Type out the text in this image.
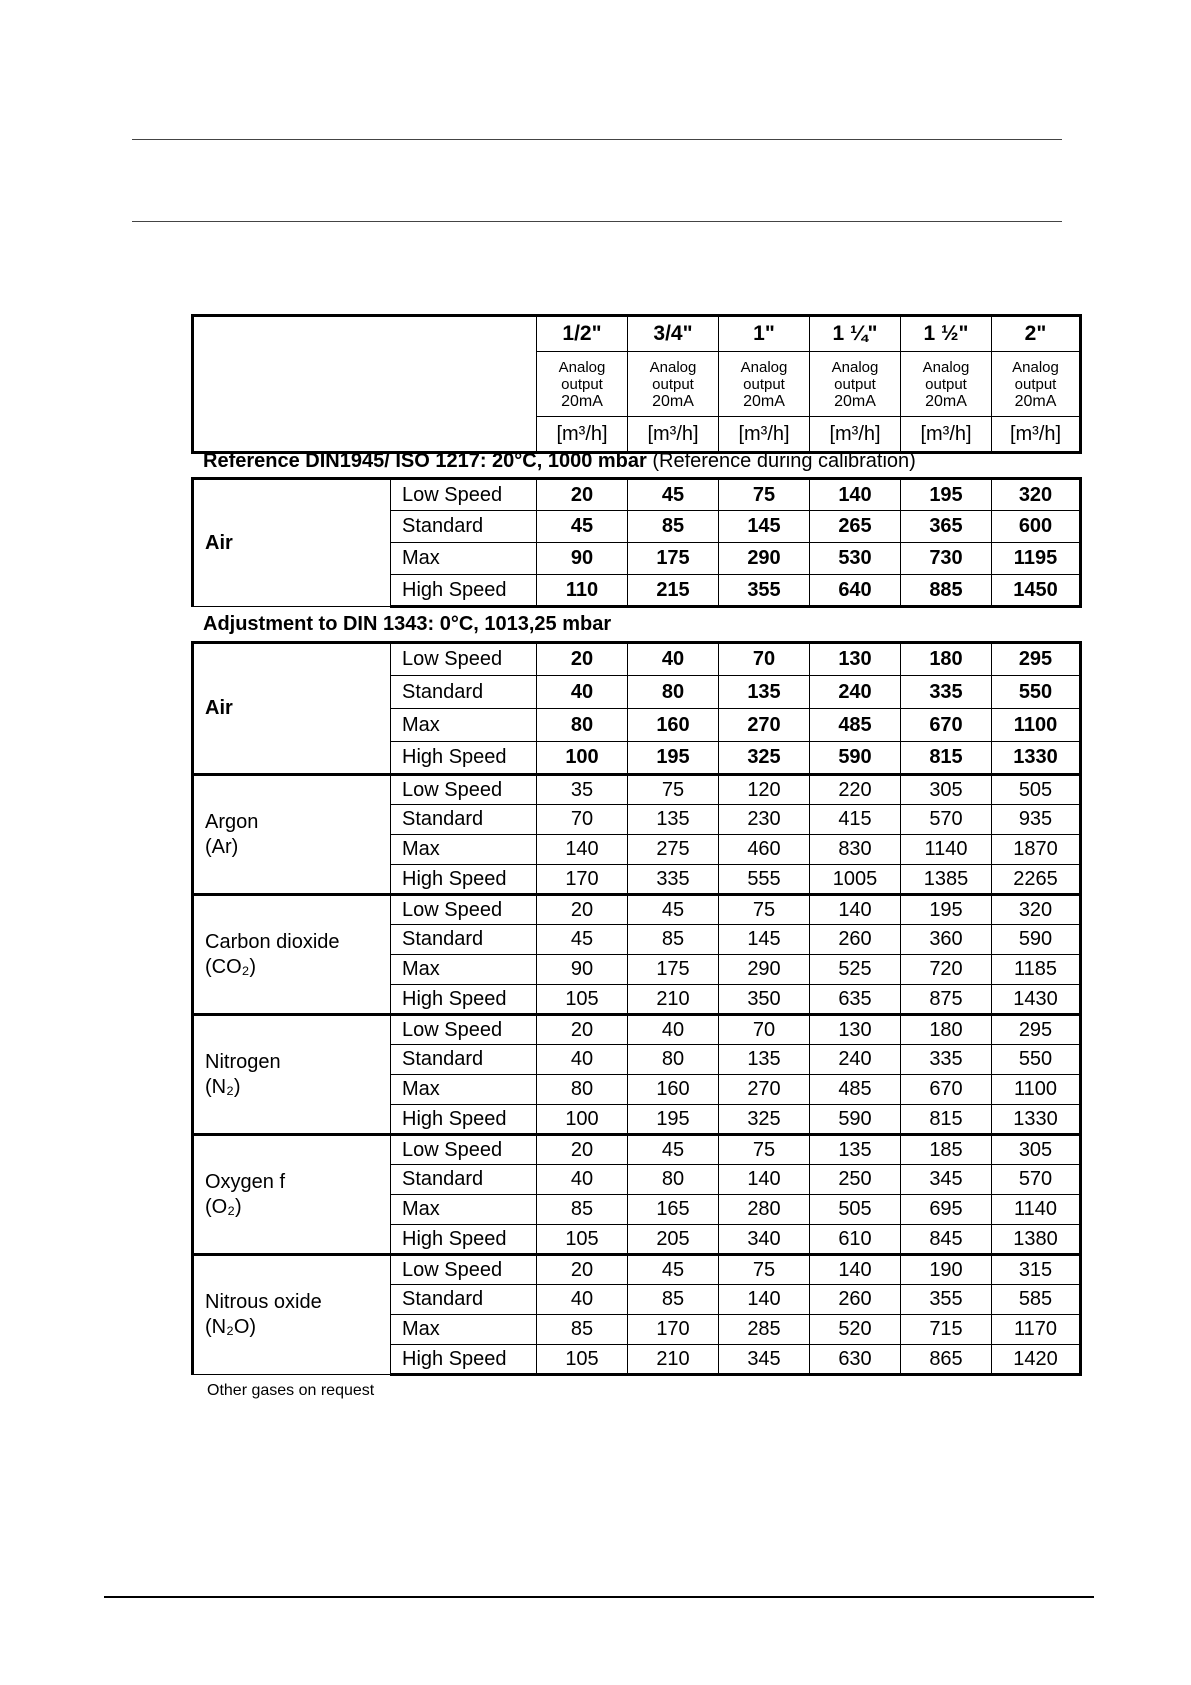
	1/2"	3/4"	1"	1 ¼"	1 ½"	2"
	Analog
output
20mA	Analog
output
20mA	Analog
output
20mA	Analog
output
20mA	Analog
output
20mA	Analog
output
20mA
	[m³/h]	[m³/h]	[m³/h]	[m³/h]	[m³/h]	[m³/h]
Reference DIN1945/ ISO 1217: 20°C, 1000 mbar (Reference during calibration)
Air	Low Speed	20	45	75	140	195	320
	Standard	45	85	145	265	365	600
	Max	90	175	290	530	730	1195
	High Speed	110	215	355	640	885	1450
Adjustment to DIN 1343: 0°C, 1013,25 mbar
Air	Low Speed	20	40	70	130	180	295
	Standard	40	80	135	240	335	550
	Max	80	160	270	485	670	1100
	High Speed	100	195	325	590	815	1330

Argon
(Ar)	Low Speed	35	75	120	220	305	505
	Standard	70	135	230	415	570	935
	Max	140	275	460	830	1140	1870
	High Speed	170	335	555	1005	1385	2265

Carbon dioxide
(CO₂)	Low Speed	20	45	75	140	195	320
	Standard	45	85	145	260	360	590
	Max	90	175	290	525	720	1185
	High Speed	105	210	350	635	875	1430

Nitrogen
(N₂)	Low Speed	20	40	70	130	180	295
	Standard	40	80	135	240	335	550
	Max	80	160	270	485	670	1100
	High Speed	100	195	325	590	815	1330

Oxygen f
(O₂)	Low Speed	20	45	75	135	185	305
	Standard	40	80	140	250	345	570
	Max	85	165	280	505	695	1140
	High Speed	105	205	340	610	845	1380

Nitrous oxide
(N₂O)	Low Speed	20	45	75	140	190	315
	Standard	40	85	140	260	355	585
	Max	85	170	285	520	715	1170
	High Speed	105	210	345	630	865	1420
Other gases on request
